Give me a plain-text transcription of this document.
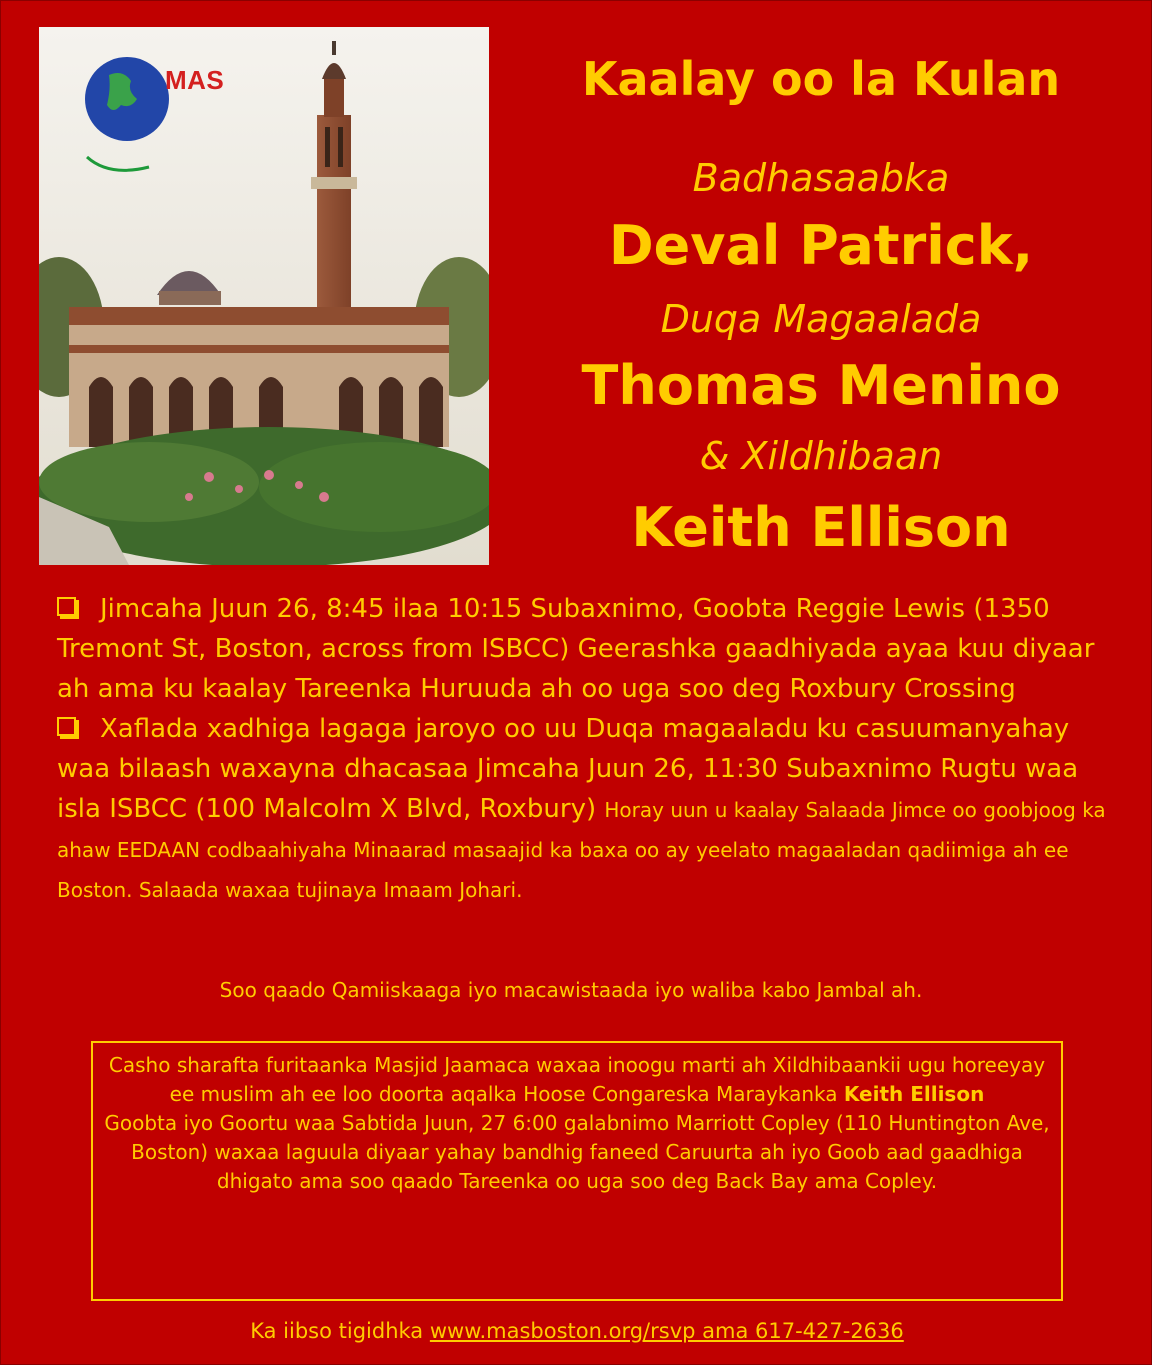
MAS	Kaalay oo la Kulan
Badhasaabka
Deval Patrick,
Duqa Magaalada
Thomas Menino
& Xildhibaan
Keith Ellison
Jimcaha Juun 26, 8:45 ilaa 10:15 Subaxnimo, Goobta Reggie Lewis (1350 Tremont St, Boston, across from ISBCC) Geerashka gaadhiyada ayaa kuu diyaar ah ama ku kaalay Tareenka Huruuda ah oo uga soo deg Roxbury Crossing
Xaflada xadhiga lagaga jaroyo oo uu Duqa magaaladu ku casuumanyahay waa bilaash waxayna dhacasaa Jimcaha Juun 26, 11:30 Subaxnimo Rugtu waa isla ISBCC (100 Malcolm X Blvd, Roxbury) Horay uun u kaalay Salaada Jimce oo goobjoog ka ahaw EEDAAN codbaahiyaha Minaarad masaajid ka baxa oo ay yeelato magaaladan qadiimiga ah ee Boston. Salaada waxaa tujinaya Imaam Johari.
Soo qaado Qamiiskaaga iyo macawistaada iyo waliba kabo Jambal ah.
Casho sharafta furitaanka Masjid Jaamaca waxaa inoogu marti ah Xildhibaankii ugu horeeyay ee muslim ah ee loo doorta aqalka Hoose Congareska Maraykanka Keith Ellison
Goobta iyo Goortu waa Sabtida Juun, 27 6:00 galabnimo Marriott Copley (110 Huntington Ave, Boston) waxaa laguula diyaar yahay bandhig faneed Caruurta ah iyo Goob aad gaadhiga dhigato ama soo qaado Tareenka oo uga soo deg Back Bay ama Copley.
Ka iibso tigidhka www.masboston.org/rsvp ama 617-427-2636
